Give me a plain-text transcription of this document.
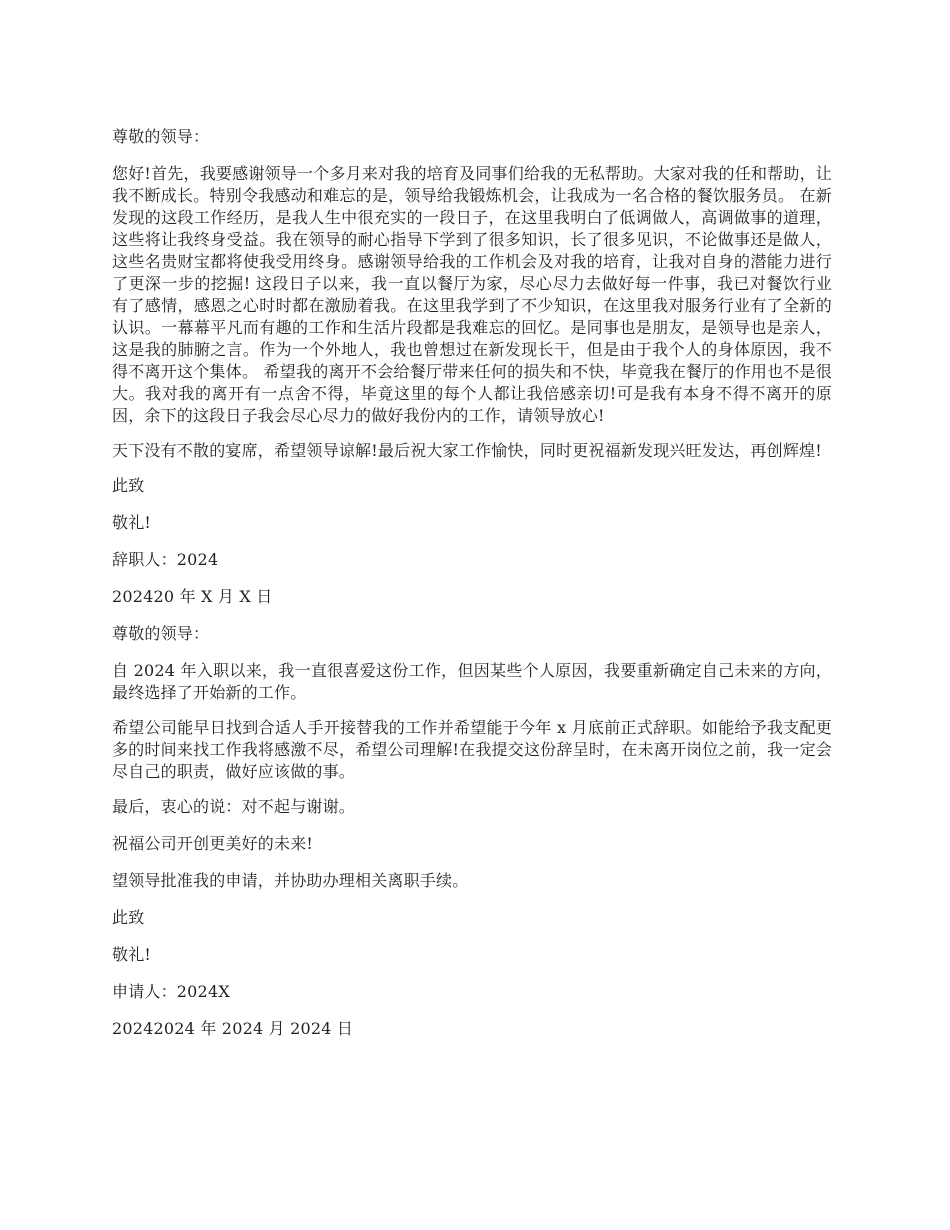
尊敬的领导：

您好!首先，我要感谢领导一个多月来对我的培育及同事们给我的无私帮助。大家对我的任和帮助，让我不断成长。特别令我感动和难忘的是，领导给我锻炼机会，让我成为一名合格的餐饮服务员。 在新发现的这段工作经历，是我人生中很充实的一段日子，在这里我明白了低调做人，高调做事的道理，这些将让我终身受益。我在领导的耐心指导下学到了很多知识，长了很多见识，不论做事还是做人，这些名贵财宝都将使我受用终身。感谢领导给我的工作机会及对我的培育，让我对自身的潜能力进行了更深一步的挖掘! 这段日子以来，我一直以餐厅为家，尽心尽力去做好每一件事，我已对餐饮行业有了感情，感恩之心时时都在激励着我。在这里我学到了不少知识，在这里我对服务行业有了全新的认识。一幕幕平凡而有趣的工作和生活片段都是我难忘的回忆。是同事也是朋友，是领导也是亲人，这是我的肺腑之言。作为一个外地人，我也曾想过在新发现长干，但是由于我个人的身体原因，我不得不离开这个集体。 希望我的离开不会给餐厅带来任何的损失和不快，毕竟我在餐厅的作用也不是很大。我对我的离开有一点舍不得，毕竟这里的每个人都让我倍感亲切!可是我有本身不得不离开的原因，余下的这段日子我会尽心尽力的做好我份内的工作，请领导放心!

天下没有不散的宴席，希望领导谅解!最后祝大家工作愉快，同时更祝福新发现兴旺发达，再创辉煌!

此致

敬礼!

辞职人：2024

202420 年 X 月 X 日

尊敬的领导：

自 2024 年入职以来，我一直很喜爱这份工作，但因某些个人原因，我要重新确定自己未来的方向，最终选择了开始新的工作。

希望公司能早日找到合适人手开接替我的工作并希望能于今年 x 月底前正式辞职。如能给予我支配更多的时间来找工作我将感激不尽，希望公司理解!在我提交这份辞呈时，在未离开岗位之前，我一定会尽自己的职责，做好应该做的事。

最后，衷心的说：对不起与谢谢。

祝福公司开创更美好的未来!

望领导批准我的申请，并协助办理相关离职手续。

此致

敬礼!

申请人：2024X

20242024 年 2024 月 2024 日
